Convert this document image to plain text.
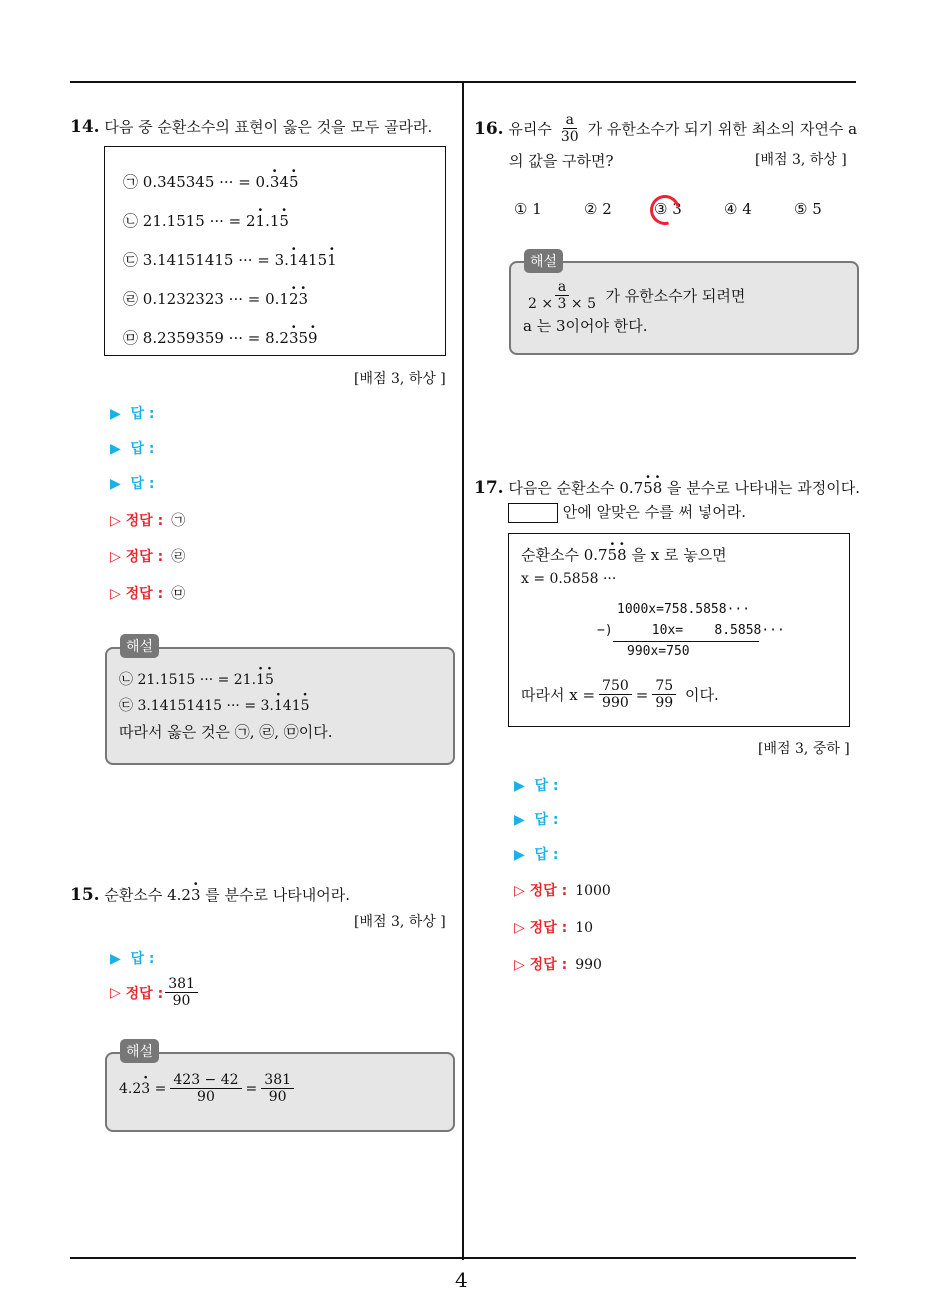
4
14. 다음 중 순환소수의 표현이 옳은 것을 모두 골라라.
㉠ 0.345345 ··· = 0.· 34· 5
㉡ 21.1515 ··· = 2· 1.1· 5
㉢ 3.14151415 ··· = 3.· 1415· 1
㉣ 0.1232323 ··· = 0.1· 2· 3
㉤ 8.2359359 ··· = 8.2· 35· 9
[배점 3, 하상 ]
▶ 답 :
▶ 답 :
▶ 답 :
▷ 정답 : ㉠
▷ 정답 : ㉣
▷ 정답 : ㉤
㉡ 21.1515 ··· = 21.· 1· 5
㉢ 3.14151415 ··· = 3.· 141· 5
따라서 옳은 것은 ㉠, ㉣, ㉤이다.
해설
15. 순환소수 4.2· 3 를 분수로 나타내어라.
[배점 3, 하상 ]
▶ 답 :
▷
정답 : $\frac{381}{90}$
4.2 · 3
= $\frac{423 - 42}{90} = \frac{381}{90}$
해설
16.
유리수 $\frac{a}{30}$ 가 유한소수가 되기 위한 최소의 자연수 a
의 값을 구하면?	[배점 3, 하상 ]
① 1	② 2	③ 3	④ 4	⑤ 5
$\frac{a}{2 \times 3 \times 5}$
가 유한소수가 되려면
a 는 3이어야 한다.
해설
17. 다음은 순환소수 0.7· 5· 8 을 분수로 나타내는 과정이다.
안에 알맞은 수를 써 넣어라.
순환소수 0.7· 5· 8 을 x 로 놓으면
x = 0.5858 ···
1000x=758.5858···
−)     10x=    8.5858···
990x=750
따라서 $x = \frac{750}{990} = \frac{75}{99}$
이다.
[배점 3, 중하 ]
▶ 답 :
▶ 답 :
▶ 답 :
▷ 정답 : 1000
▷ 정답 : 10
▷ 정답 : 990
